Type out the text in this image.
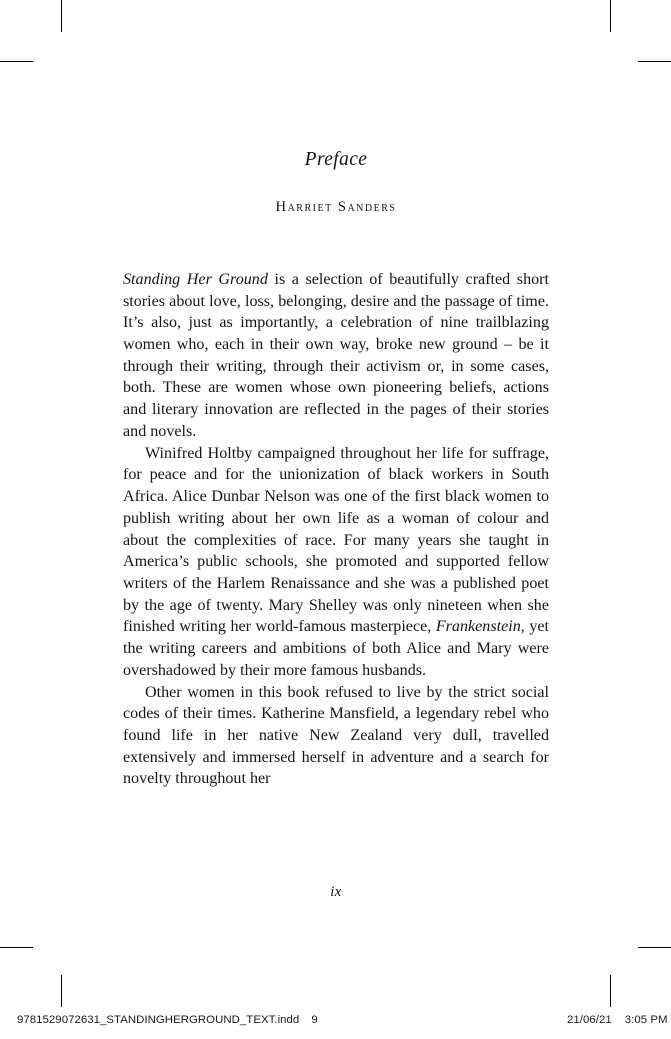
Preface
Harriet Sanders

Standing Her Ground is a selection of beautifully crafted short stories about love, loss, belonging, desire and the passage of time. It’s also, just as importantly, a celebration of nine trailblazing women who, each in their own way, broke new ground – be it through their writing, through their activism or, in some cases, both. These are women whose own pioneering beliefs, actions and literary innovation are reflected in the pages of their stories and novels.

Winifred Holtby campaigned throughout her life for suffrage, for peace and for the unionization of black workers in South Africa. Alice Dunbar Nelson was one of the first black women to publish writing about her own life as a woman of colour and about the complexities of race. For many years she taught in America’s public schools, she promoted and supported fellow writers of the Harlem Renaissance and she was a published poet by the age of twenty. Mary Shelley was only nineteen when she finished writing her world-famous masterpiece, Frankenstein, yet the writing careers and ambitions of both Alice and Mary were overshadowed by their more famous husbands.

Other women in this book refused to live by the strict social codes of their times. Katherine Mansfield, a legendary rebel who found life in her native New Zealand very dull, travelled extensively and immersed herself in adventure and a search for novelty throughout her

ix
9781529072631_STANDINGHERGROUND_TEXT.indd 9	21/06/21 3:05 PM
